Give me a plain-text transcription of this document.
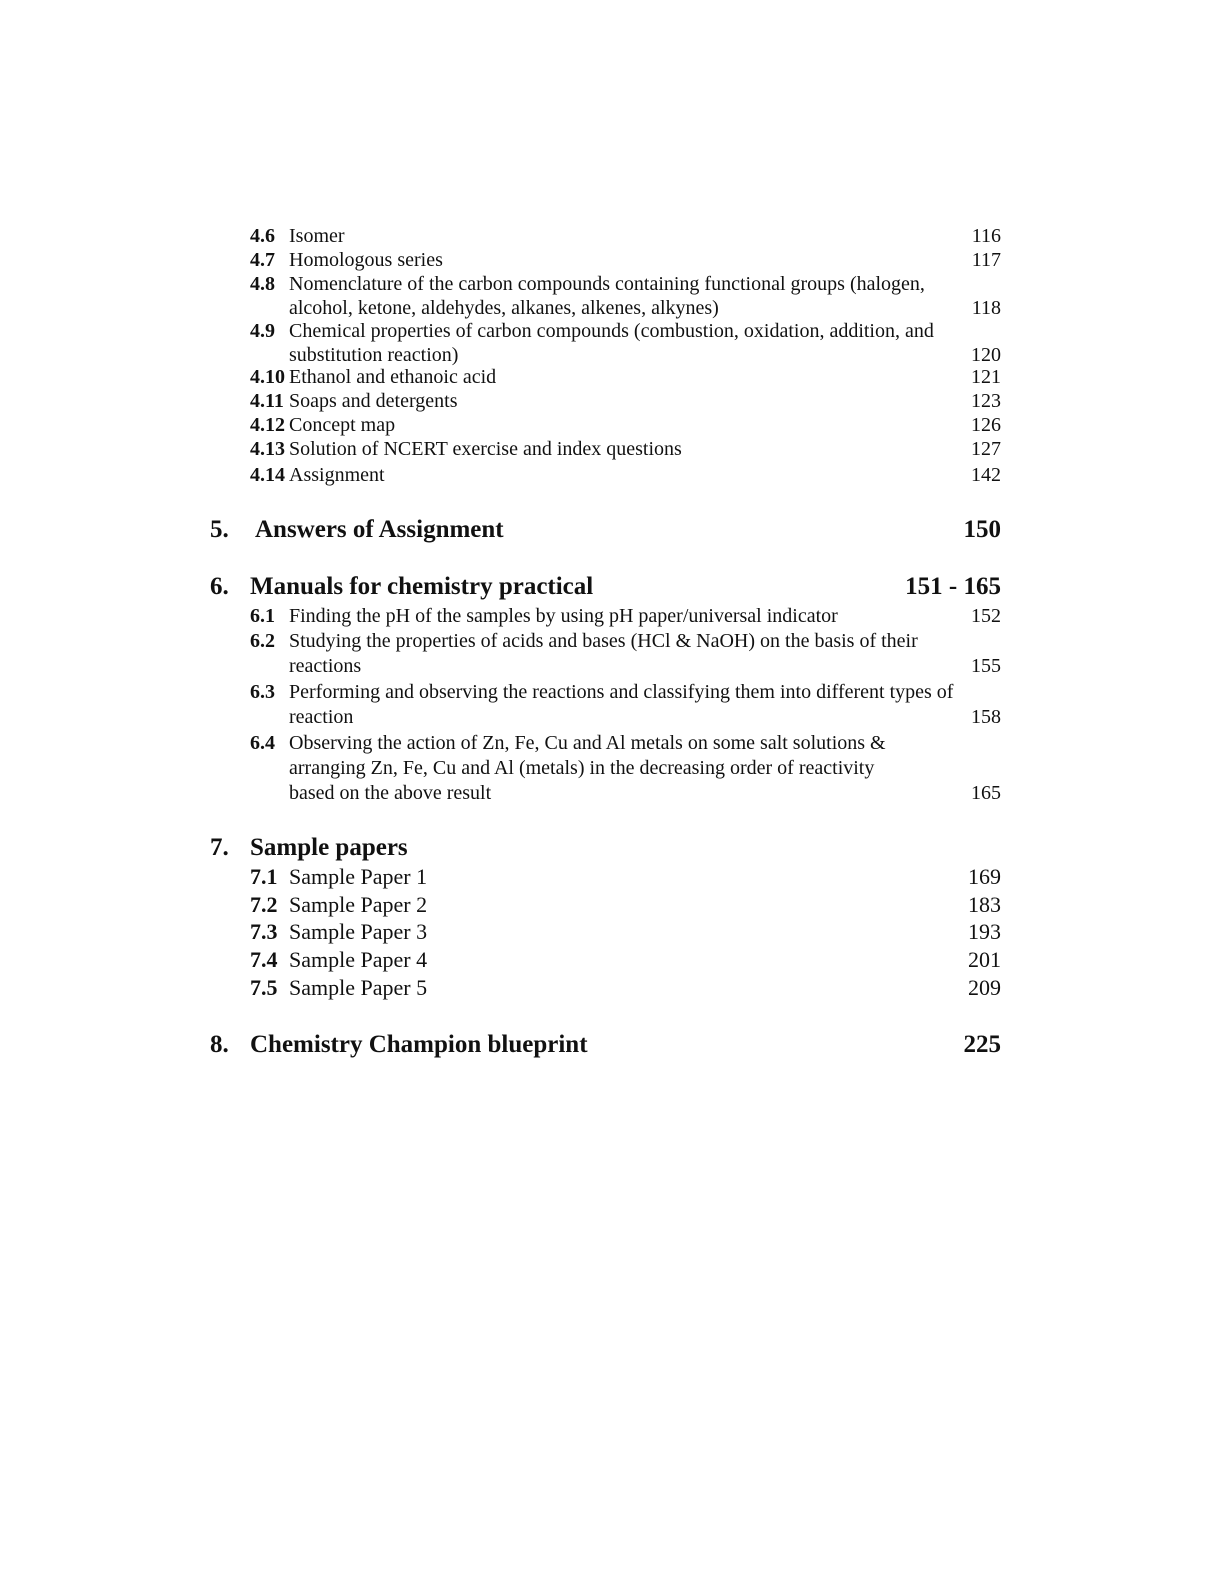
4.6 Isomer	116
4.7 Homologous series	117
4.8 Nomenclature of the carbon compounds containing functional groups (halogen, alcohol, ketone, aldehydes, alkanes, alkenes, alkynes)	118
4.9 Chemical properties of carbon compounds (combustion, oxidation, addition, and substitution reaction)	120
4.10 Ethanol and ethanoic acid	121
4.11 Soaps and detergents	123
4.12 Concept map	126
4.13 Solution of NCERT exercise and index questions	127
4.14 Assignment	142
5. Answers of Assignment	150
6. Manuals for chemistry practical	151 - 165
6.1 Finding the pH of the samples by using pH paper/universal indicator	152
6.2 Studying the properties of acids and bases (HCl & NaOH) on the basis of their reactions	155
6.3 Performing and observing the reactions and classifying them into different types of reaction	158
6.4 Observing the action of Zn, Fe, Cu and Al metals on some salt solutions & arranging Zn, Fe, Cu and Al (metals) in the decreasing order of reactivity based on the above result	165
7. Sample papers
7.1 Sample Paper 1	169
7.2 Sample Paper 2	183
7.3 Sample Paper 3	193
7.4 Sample Paper 4	201
7.5 Sample Paper 5	209
8. Chemistry Champion blueprint	225
